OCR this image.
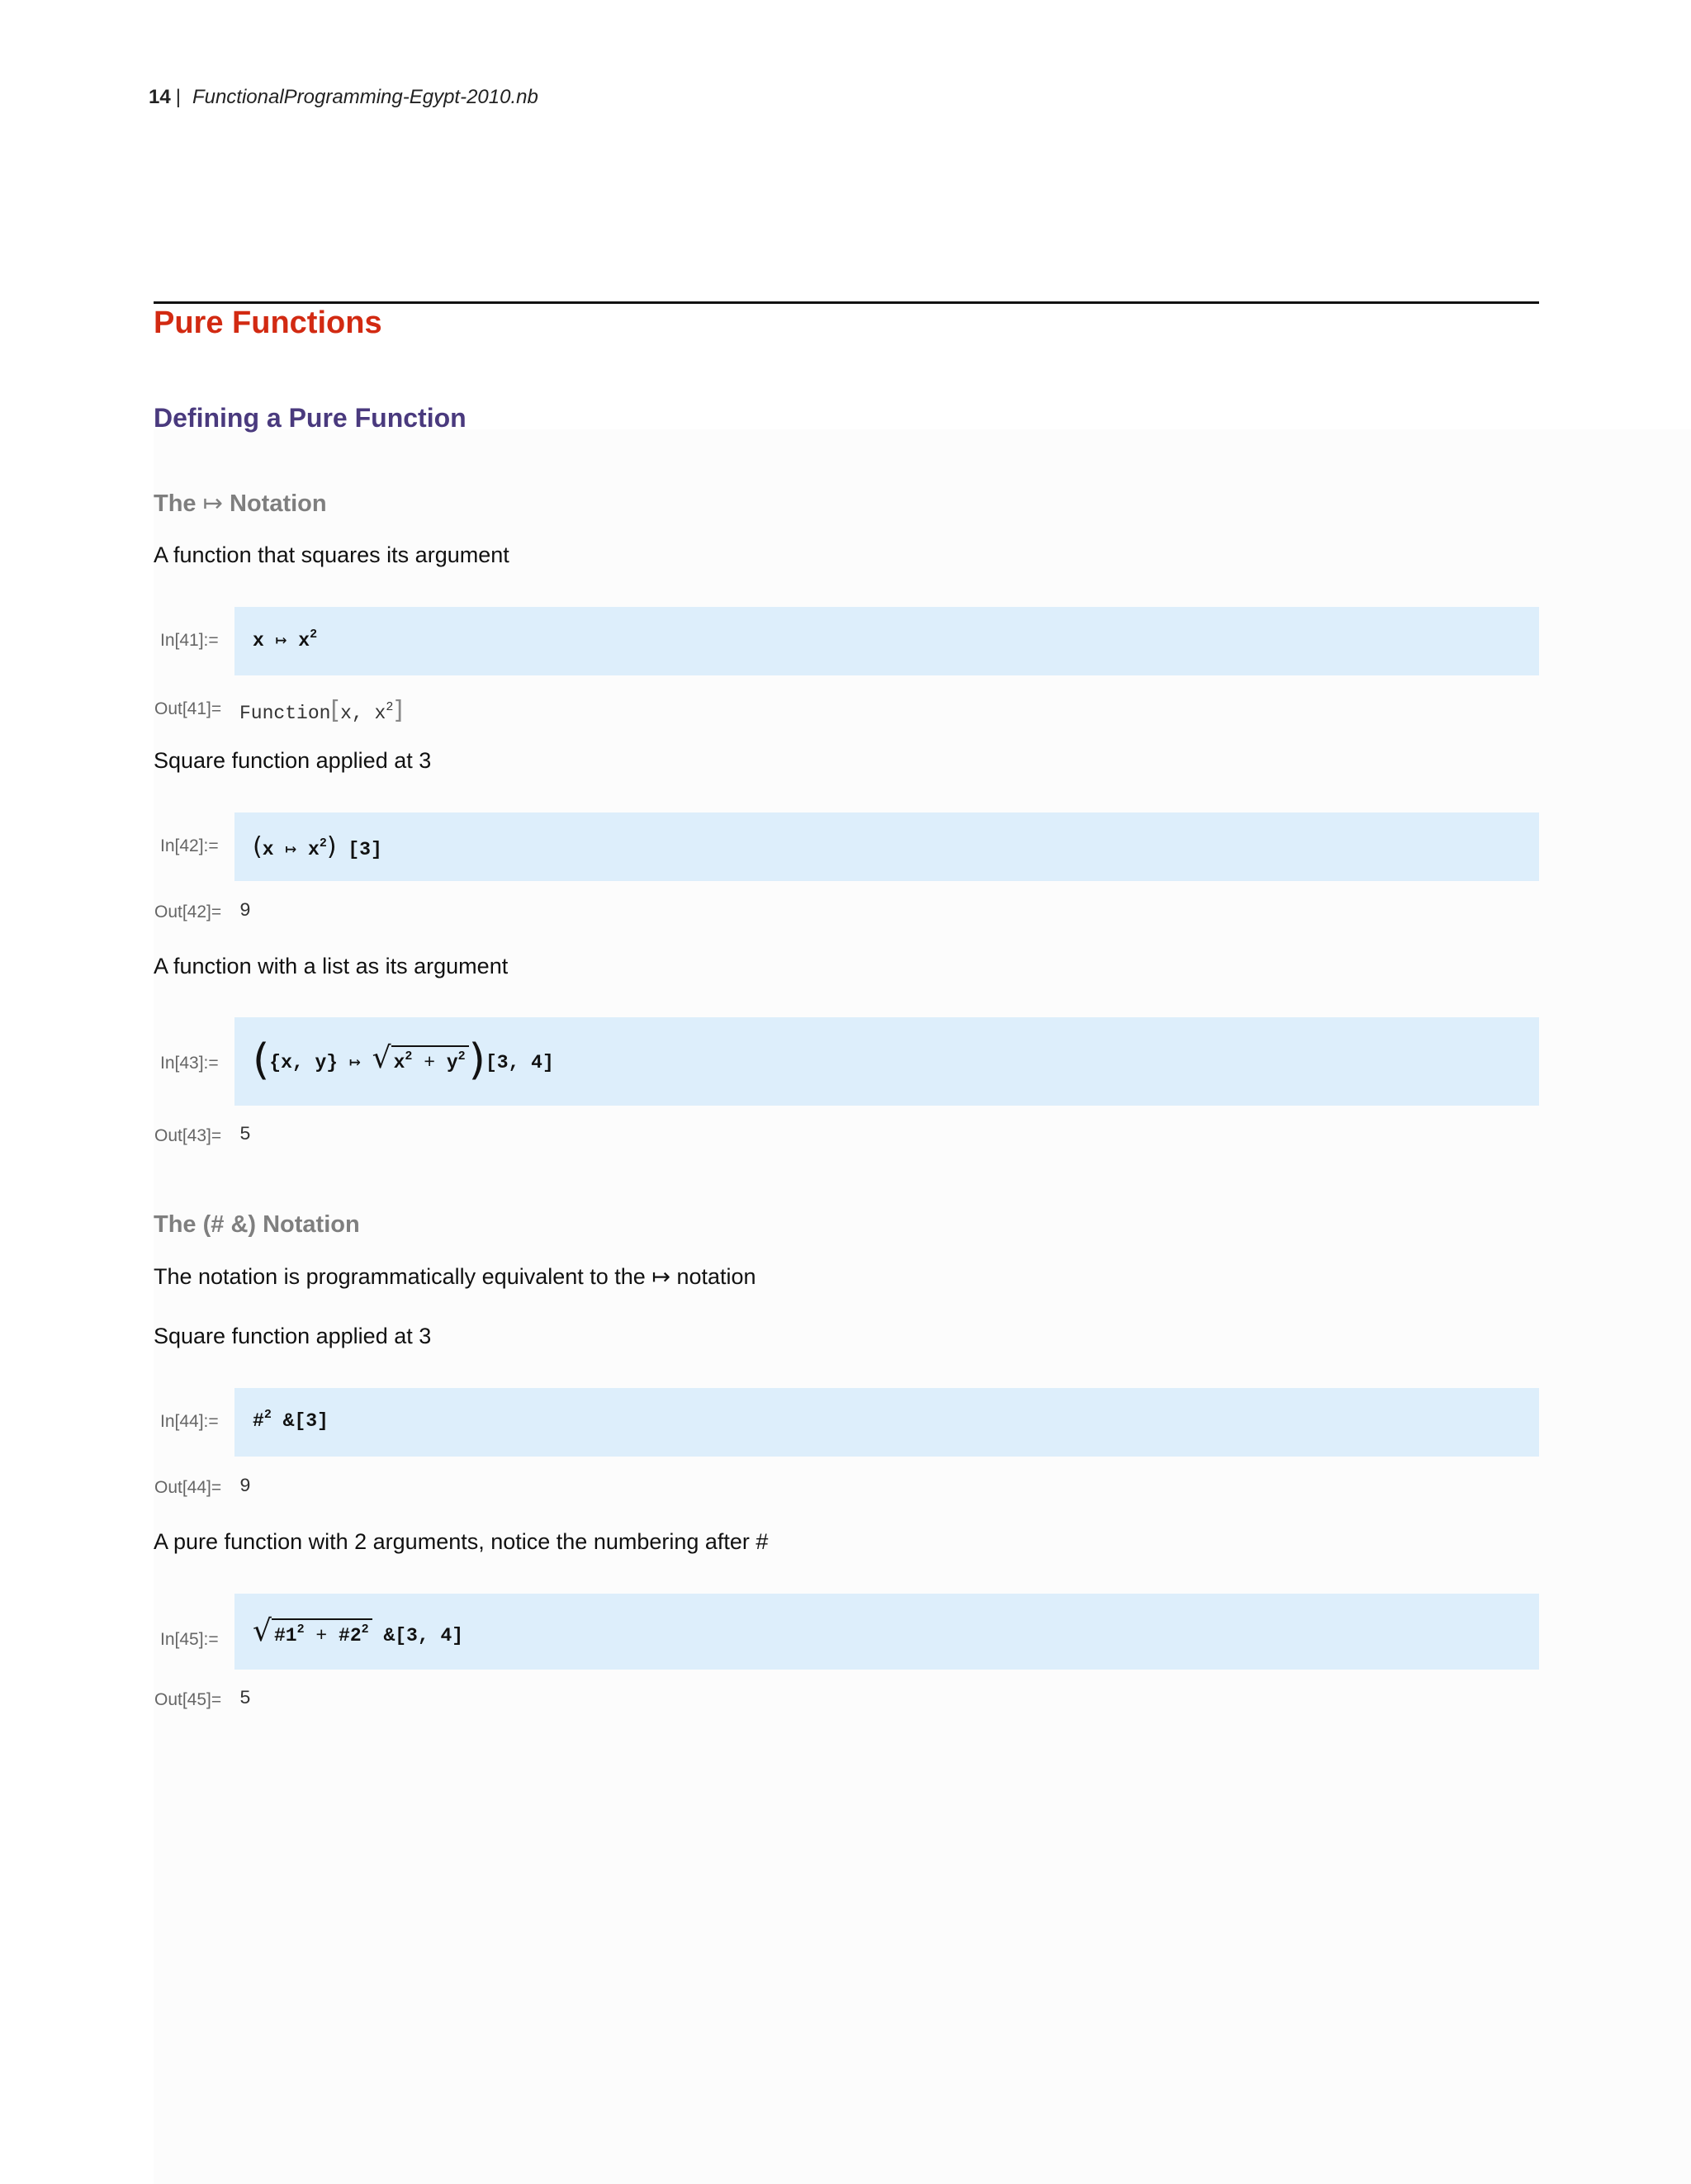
14 | FunctionalProgramming-Egypt-2010.nb
Pure Functions
Defining a Pure Function
The ↦ Notation
A function that squares its argument
In[41]:= x ↦ $x^2$
Out[41]= Function[x, $x^2$]
Square function applied at 3
In[42]:= (x ↦ $x^2$) [3]
Out[42]= 9
A function with a list as its argument
In[43]:= ({x, y} ↦ √ $x^2 + y^2)[3$, 4]
Out[43]= 5
The (# &) Notation
The notation is programmatically equivalent to the ↦ notation
Square function applied at 3
In[44]:= #$^2$ &[3]
Out[44]= 9
A pure function with 2 arguments, notice the numbering after #
In[45]:= √ $\#1^2$ + $\#2^2$ &[3, 4]
Out[45]= 5
